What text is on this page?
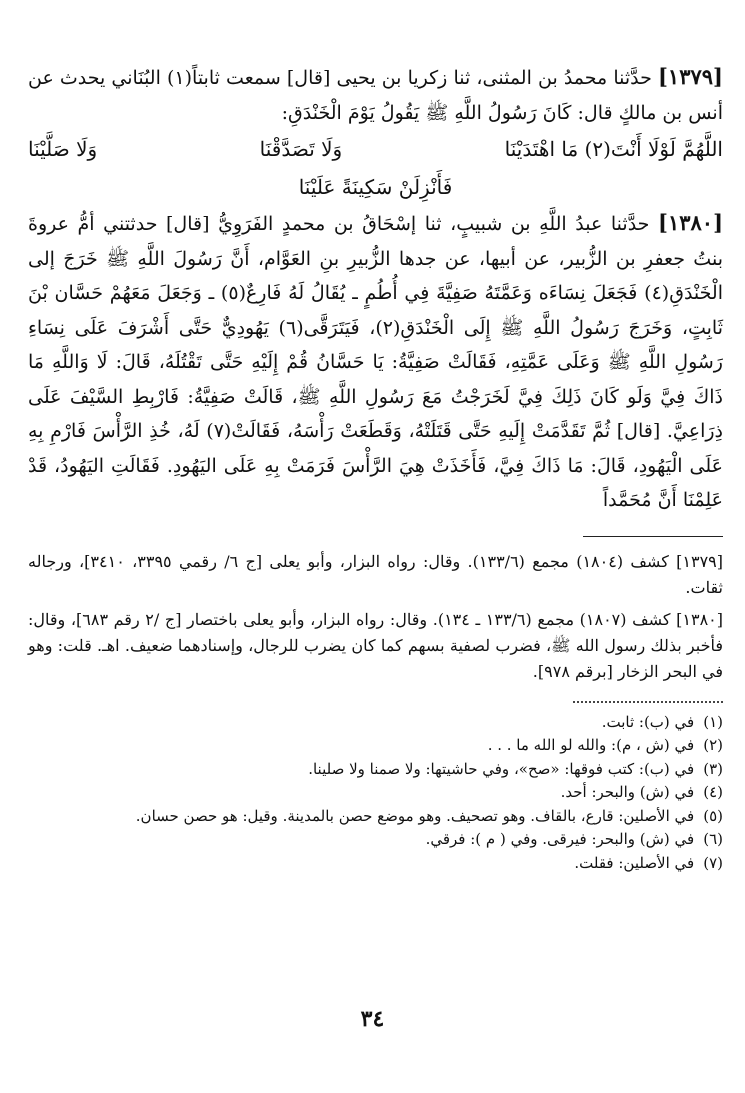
[١٣٧٩] حدَّثنا محمدُ بن المثنى، ثنا زكريا بن يحيى [قال] سمعت ثابتاً(١) البُنَاني يحدث عن أنس بن مالكٍ قال: كَانَ رَسُولُ اللَّهِ ﷺ يَقُولُ يَوْمَ الْخَنْدَقِ:

اللَّهُمَّ لَوْلَا أَنْتَ(٢) مَا اهْتَدَيْنَا
وَلَا تَصَدَّقْنَا
وَلَا صَلَّيْنَا
فَأَنْزِلَنْ سَكِينَةً عَلَيْنَا

[١٣٨٠] حدَّثنا عبدُ اللَّهِ بن شبيبٍ، ثنا إسْحَاقُ بن محمدٍ الفَرَوِيُّ [قال] حدثتني أمُّ عروةَ بنتُ جعفرِ بن الزُّبير، عن أبيها، عن جدها الزُّبيرِ بنِ العَوَّام، أَنَّ رَسُولَ اللَّهِ ﷺ خَرَجَ إلى الْخَنْدَقِ(٤) فَجَعَلَ نِسَاءَه وَعَمَّتَهُ صَفِيَّةَ فِي أُطُمٍ ـ يُقَالُ لَهُ فَارِعٌ(٥) ـ وَجَعَلَ مَعَهُمْ حَسَّان بْنَ ثَابِتٍ، وَخَرَجَ رَسُولُ اللَّهِ ﷺ إِلَى الْخَنْدَقِ(٢)، فَيَتَرَقَّى(٦) يَهُودِيٌّ حَتَّى أَشْرَفَ عَلَى نِسَاءِ رَسُولِ اللَّهِ ﷺ وَعَلَى عَمَّتِهِ، فَقَالَتْ صَفِيَّةُ: يَا حَسَّانُ قُمْ إِلَيْهِ حَتَّى تَقْتُلَهُ، قَالَ: لَا وَاللَّهِ مَا ذَاكَ فِيَّ وَلَو كَانَ ذَلِكَ فِيَّ لَخَرَجْتُ مَعَ رَسُولِ اللَّهِ ﷺ، قَالَتْ صَفِيَّةُ: فَارْبِطِ السَّيْفَ عَلَى ذِرَاعِيَّ. [قال] ثُمَّ تَقَدَّمَتْ إِلَيهِ حَتَّى قَتَلَتْهُ، وَقَطَعَتْ رَأْسَهُ، فَقَالَتْ(٧) لَهُ، خُذِ الرَّأْسَ فَارْمِ بِهِ عَلَى الْيَهُودِ، قَالَ: مَا ذَاكَ فِيَّ، فَأَخَذَتْ هِيَ الرَّأْسَ فَرَمَتْ بِهِ عَلَى اليَهُودِ. فَقَالَتِ اليَهُودُ، قَدْ عَلِمْنَا أَنَّ مُحَمَّداً

[١٣٧٩] كشف (١٨٠٤) مجمع (١٣٣/٦). وقال: رواه البزار، وأبو يعلى [ج ٦/ رقمي ٣٣٩٥، ٣٤١٠]، ورجاله ثقات.

[١٣٨٠] كشف (١٨٠٧) مجمع (١٣٣/٦ ـ ١٣٤). وقال: رواه البزار، وأبو يعلى باختصار [ج /٢ رقم ٦٨٣]، وقال: فأخبر بذلك رسول الله ﷺ، فضرب لصفية بسهم كما كان يضرب للرجال، وإسنادهما ضعيف. اهـ. قلت: وهو في البحر الزخار [برقم ٩٧٨].

(١) في (ب): ثابت.
(٢) في (ش ، م): والله لو الله ما . . .
(٣) في (ب): كتب فوقها: «صح»، وفي حاشيتها: ولا صمنا ولا صلينا.
(٤) في (ش) والبحر: أحد.
(٥) في الأصلين: قارع، بالقاف. وهو تصحيف. وهو موضع حصن بالمدينة. وقيل: هو حصن حسان.
(٦) في (ش) والبحر: فيرقى. وفي ( م ): فرقي.
(٧) في الأصلين: فقلت.
٣٤
